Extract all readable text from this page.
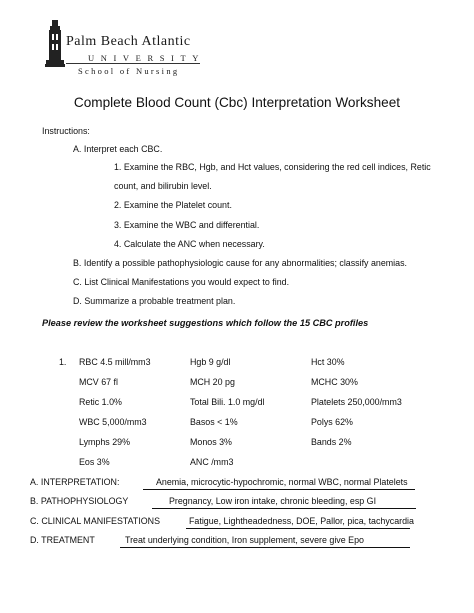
Palm Beach Atlantic
UNIVERSITY
School of Nursing
Complete Blood Count (Cbc) Interpretation Worksheet
Instructions:
A. Interpret each CBC.
1. Examine the RBC, Hgb, and Hct values, considering the red cell indices, Retic
count, and bilirubin level.
2. Examine the Platelet count.
3. Examine the WBC and differential.
4. Calculate the ANC when necessary.
B. Identify a possible pathophysiologic cause for any abnormalities; classify anemias.
C. List Clinical Manifestations you would expect to find.
D. Summarize a probable treatment plan.
Please review the worksheet suggestions which follow the 15 CBC profiles
1. RBC 4.5 mill/mm3	Hgb 9 g/dl	Hct 30%
MCV 67 fl	MCH 20 pg	MCHC 30%
Retic 1.0%	Total Bili. 1.0 mg/dl	Platelets 250,000/mm3
WBC 5,000/mm3	Basos < 1%	Polys 62%
Lymphs 29%	Monos 3%	Bands 2%
Eos 3%	ANC /mm3
A. INTERPRETATION:	Anemia, microcytic-hypochromic, normal WBC, normal Platelets
B. PATHOPHYSIOLOGY	Pregnancy, Low iron intake, chronic bleeding, esp GI
C. CLINICAL MANIFESTATIONS	Fatigue, Lightheadedness, DOE, Pallor, pica, tachycardia
D. TREATMENT	Treat underlying condition, Iron supplement, severe give Epo
